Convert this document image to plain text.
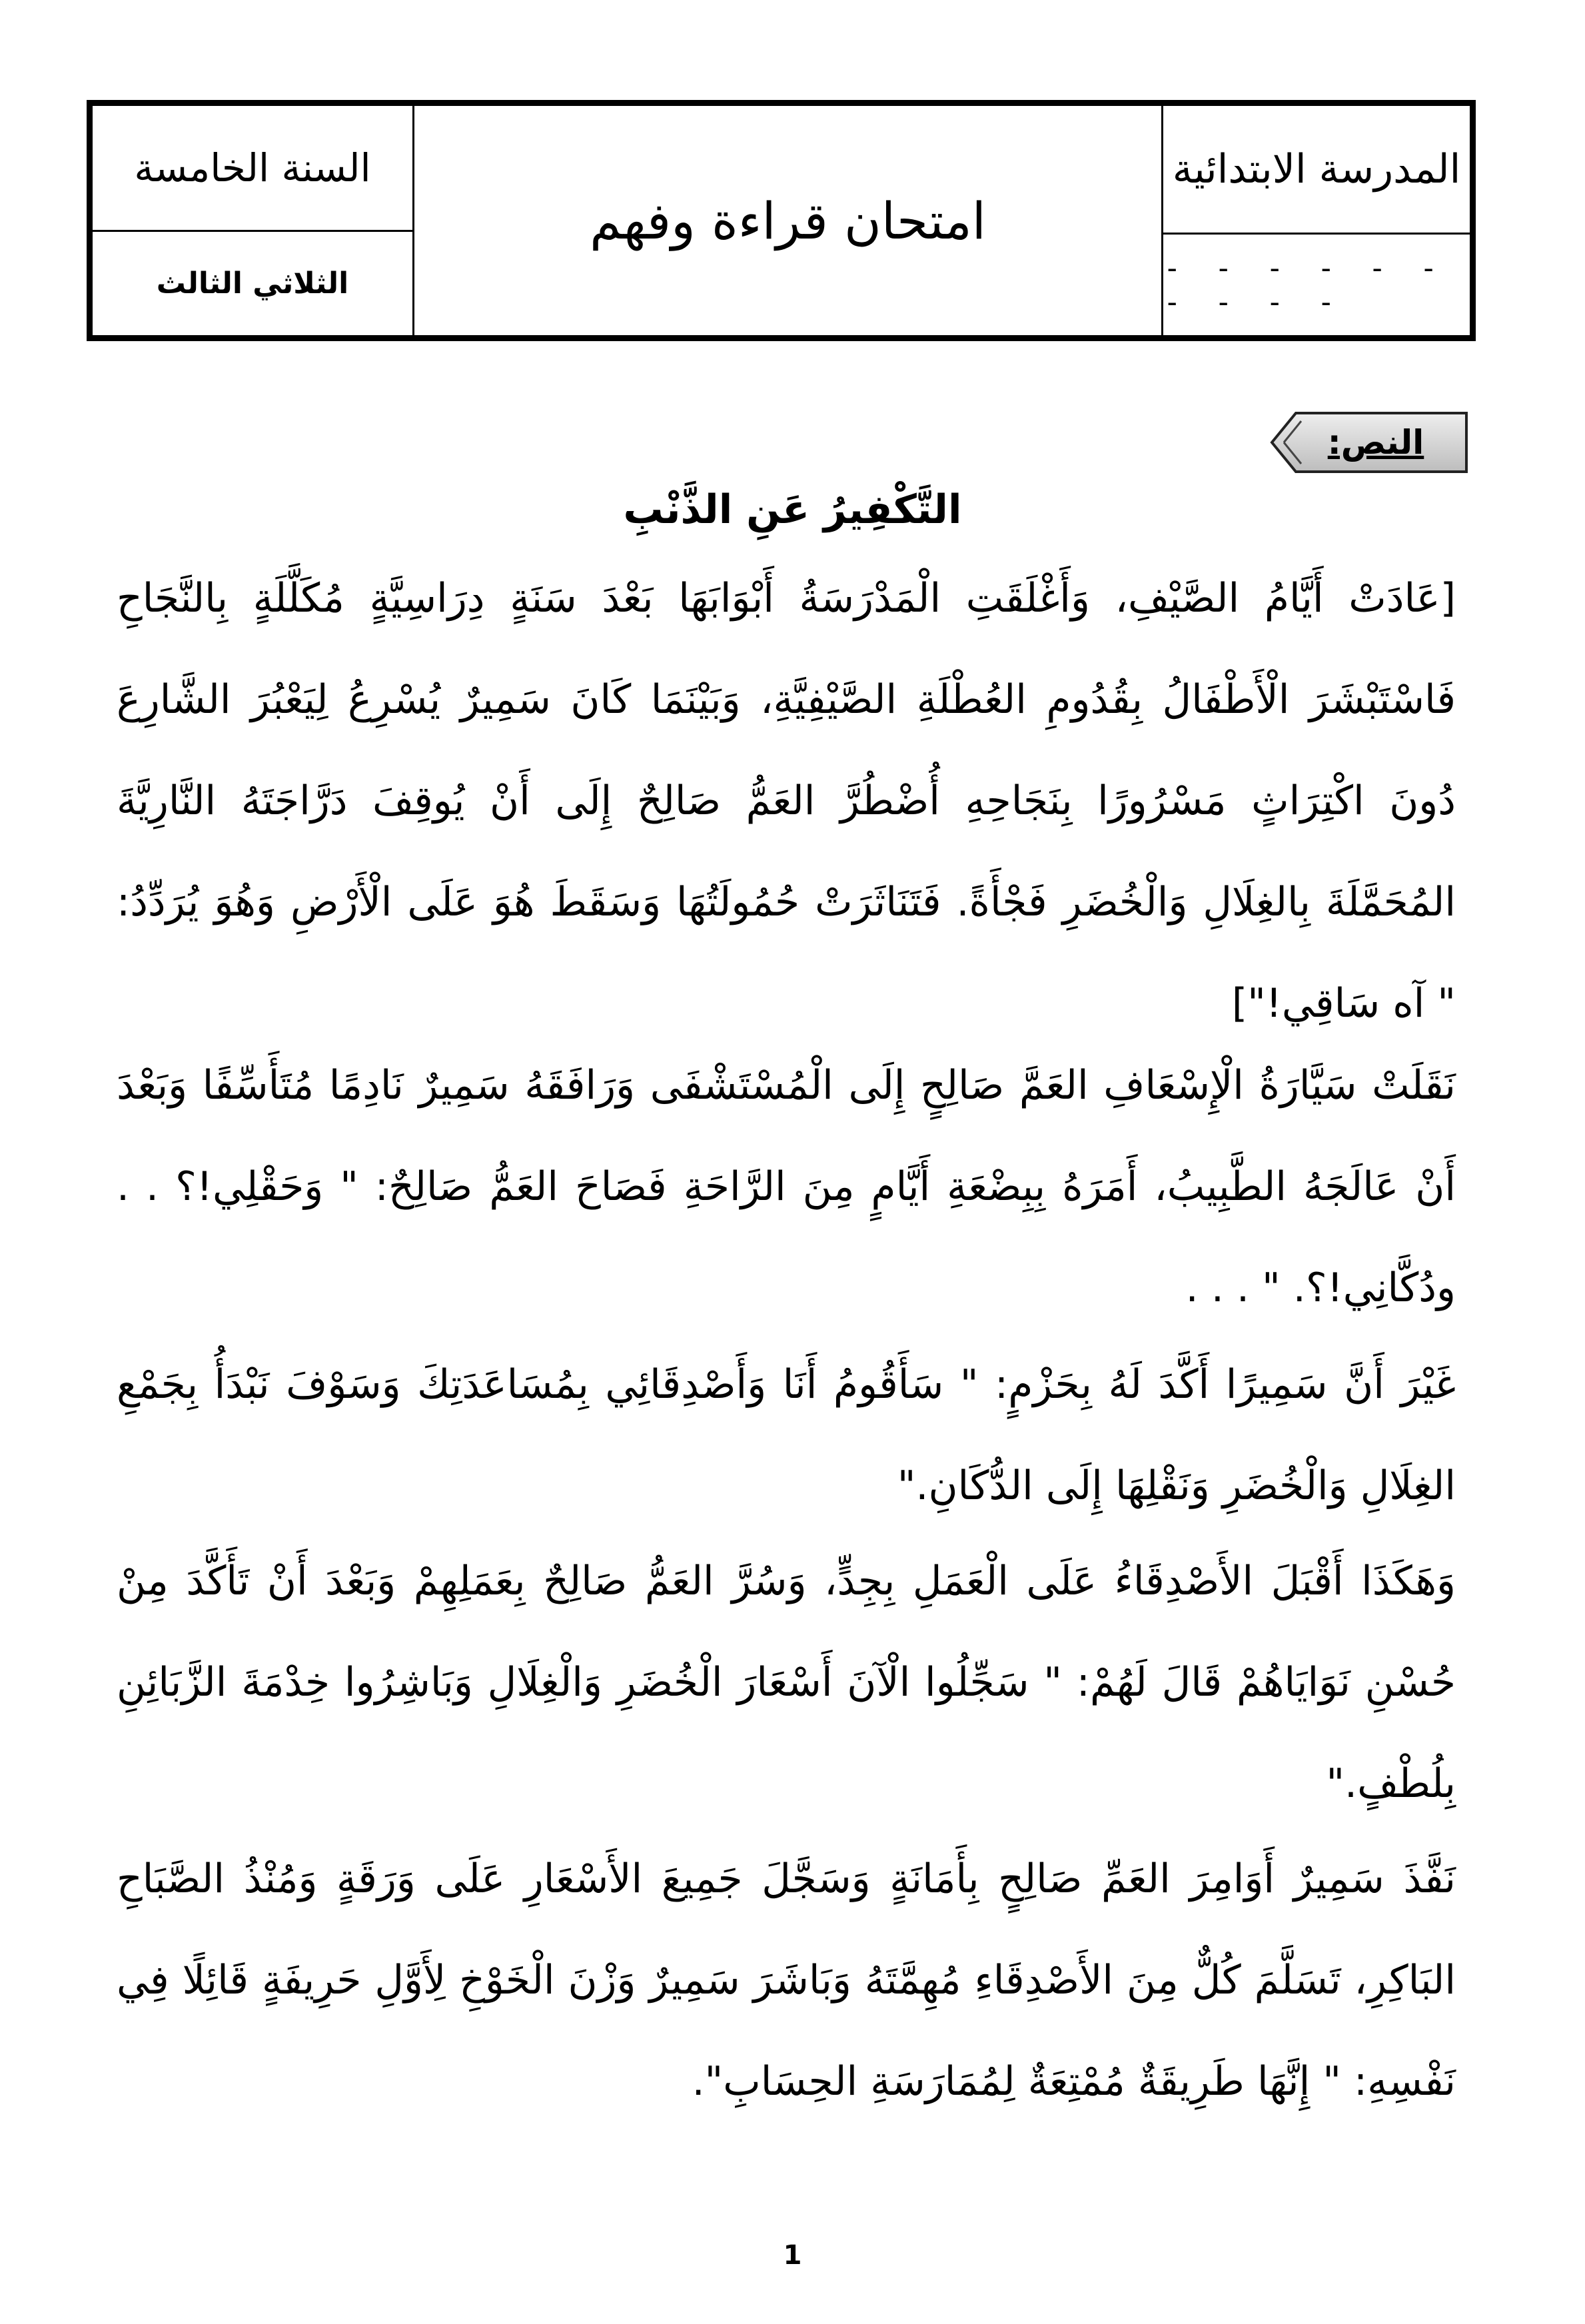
السنة الخامسة
الثلاثي الثالث
امتحان قراءة وفهم
المدرسة الابتدائية
- - - - - - - - - -
النص:
التَّكْفِيرُ عَنِ الذَّنْبِ
[عَادَتْ أَيَّامُ الصَّيْفِ، وَأَغْلَقَتِ الْمَدْرَسَةُ أَبْوَابَهَا بَعْدَ سَنَةٍ دِرَاسِيَّةٍ مُكَلَّلَةٍ بِالنَّجَاحِ فَاسْتَبْشَرَ الْأَطْفَالُ بِقُدُومِ العُطْلَةِ الصَّيْفِيَّةِ، وَبَيْنَمَا كَانَ سَمِيرٌ يُسْرِعُ لِيَعْبُرَ الشَّارِعَ دُونَ اكْتِرَاثٍ مَسْرُورًا بِنَجَاحِهِ أُضْطُرَّ العَمُّ صَالِحٌ إِلَى أَنْ يُوقِفَ دَرَّاجَتَهُ النَّارِيَّةَ المُحَمَّلَةَ بِالغِلَالِ وَالْخُضَرِ فَجْأَةً. فَتَنَاثَرَتْ حُمُولَتُهَا وَسَقَطَ هُوَ عَلَى الْأَرْضِ وَهُوَ يُرَدِّدُ: " آه سَاقِي!"]
نَقَلَتْ سَيَّارَةُ الْإِسْعَافِ العَمَّ صَالِحٍ إِلَى الْمُسْتَشْفَى وَرَافَقَهُ سَمِيرٌ نَادِمًا مُتَأَسِّفًا وَبَعْدَ أَنْ عَالَجَهُ الطَّبِيبُ، أَمَرَهُ بِبِضْعَةِ أَيَّامٍ مِنَ الرَّاحَةِ فَصَاحَ العَمُّ صَالِحٌ: " وَحَقْلِي!؟ . . ودُكَّانِي!؟. " . . .
غَيْرَ أَنَّ سَمِيرًا أَكَّدَ لَهُ بِحَزْمٍ: " سَأَقُومُ أَنَا وَأَصْدِقَائِي بِمُسَاعَدَتِكَ وَسَوْفَ نَبْدَأُ بِجَمْعِ الغِلَالِ وَالْخُضَرِ وَنَقْلِهَا إِلَى الدُّكَانِ."
وَهَكَذَا أَقْبَلَ الأَصْدِقَاءُ عَلَى الْعَمَلِ بِجِدٍّ، وَسُرَّ العَمُّ صَالِحٌ بِعَمَلِهِمْ وَبَعْدَ أَنْ تَأَكَّدَ مِنْ حُسْنِ نَوَايَاهُمْ قَالَ لَهُمْ: " سَجِّلُوا الْآنَ أَسْعَارَ الْخُضَرِ وَالْغِلَالِ وَبَاشِرُوا خِدْمَةَ الزَّبَائِنِ بِلُطْفٍ."
نَفَّذَ سَمِيرٌ أَوَامِرَ العَمِّ صَالِحٍ بِأَمَانَةٍ وَسَجَّلَ جَمِيعَ الأَسْعَارِ عَلَى وَرَقَةٍ وَمُنْذُ الصَّبَاحِ البَاكِرِ، تَسَلَّمَ كُلٌّ مِنَ الأَصْدِقَاءِ مُهِمَّتَهُ وَبَاشَرَ سَمِيرٌ وَزْنَ الْخَوْخِ لِأَوَّلِ حَرِيفَةٍ قَائِلًا فِي نَفْسِهِ: " إِنَّهَا طَرِيقَةٌ مُمْتِعَةٌ لِمُمَارَسَةِ الحِسَابِ".
1
